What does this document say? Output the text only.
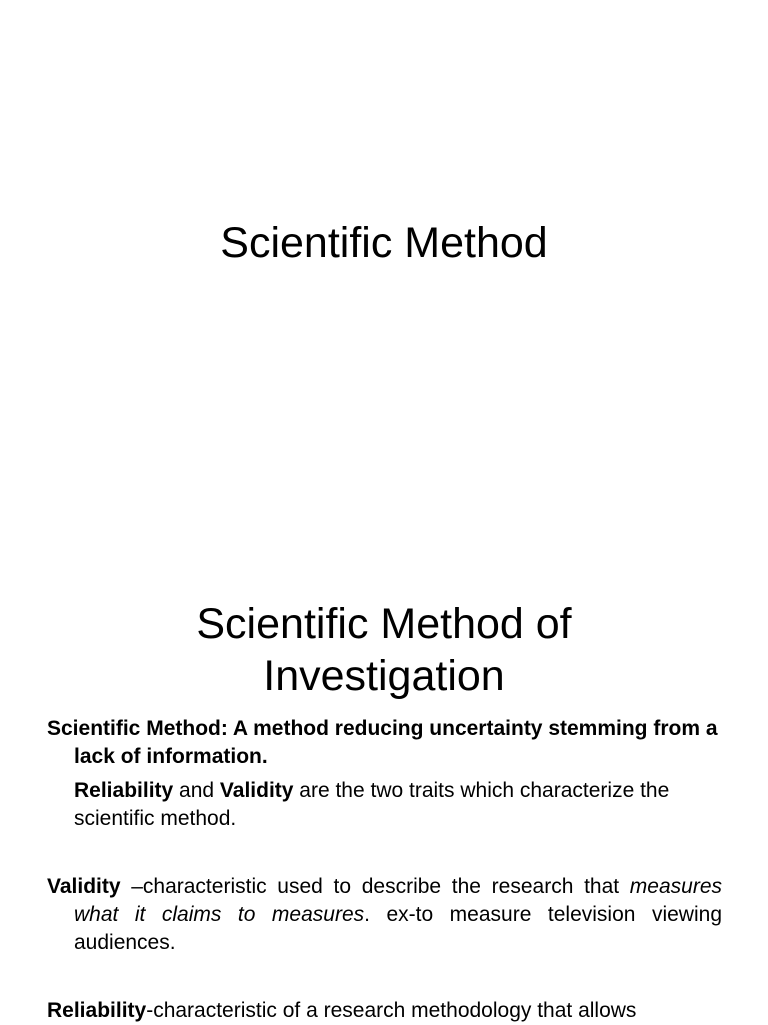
Scientific Method
Scientific Method of
Investigation

Scientific Method: A method reducing uncertainty stemming from a lack of information.

Reliability and Validity are the two traits which characterize the scientific method.

Validity –characteristic used to describe the research that measures what it claims to measures. ex-to measure television viewing audiences.

Reliability-characteristic of a research methodology that allows
